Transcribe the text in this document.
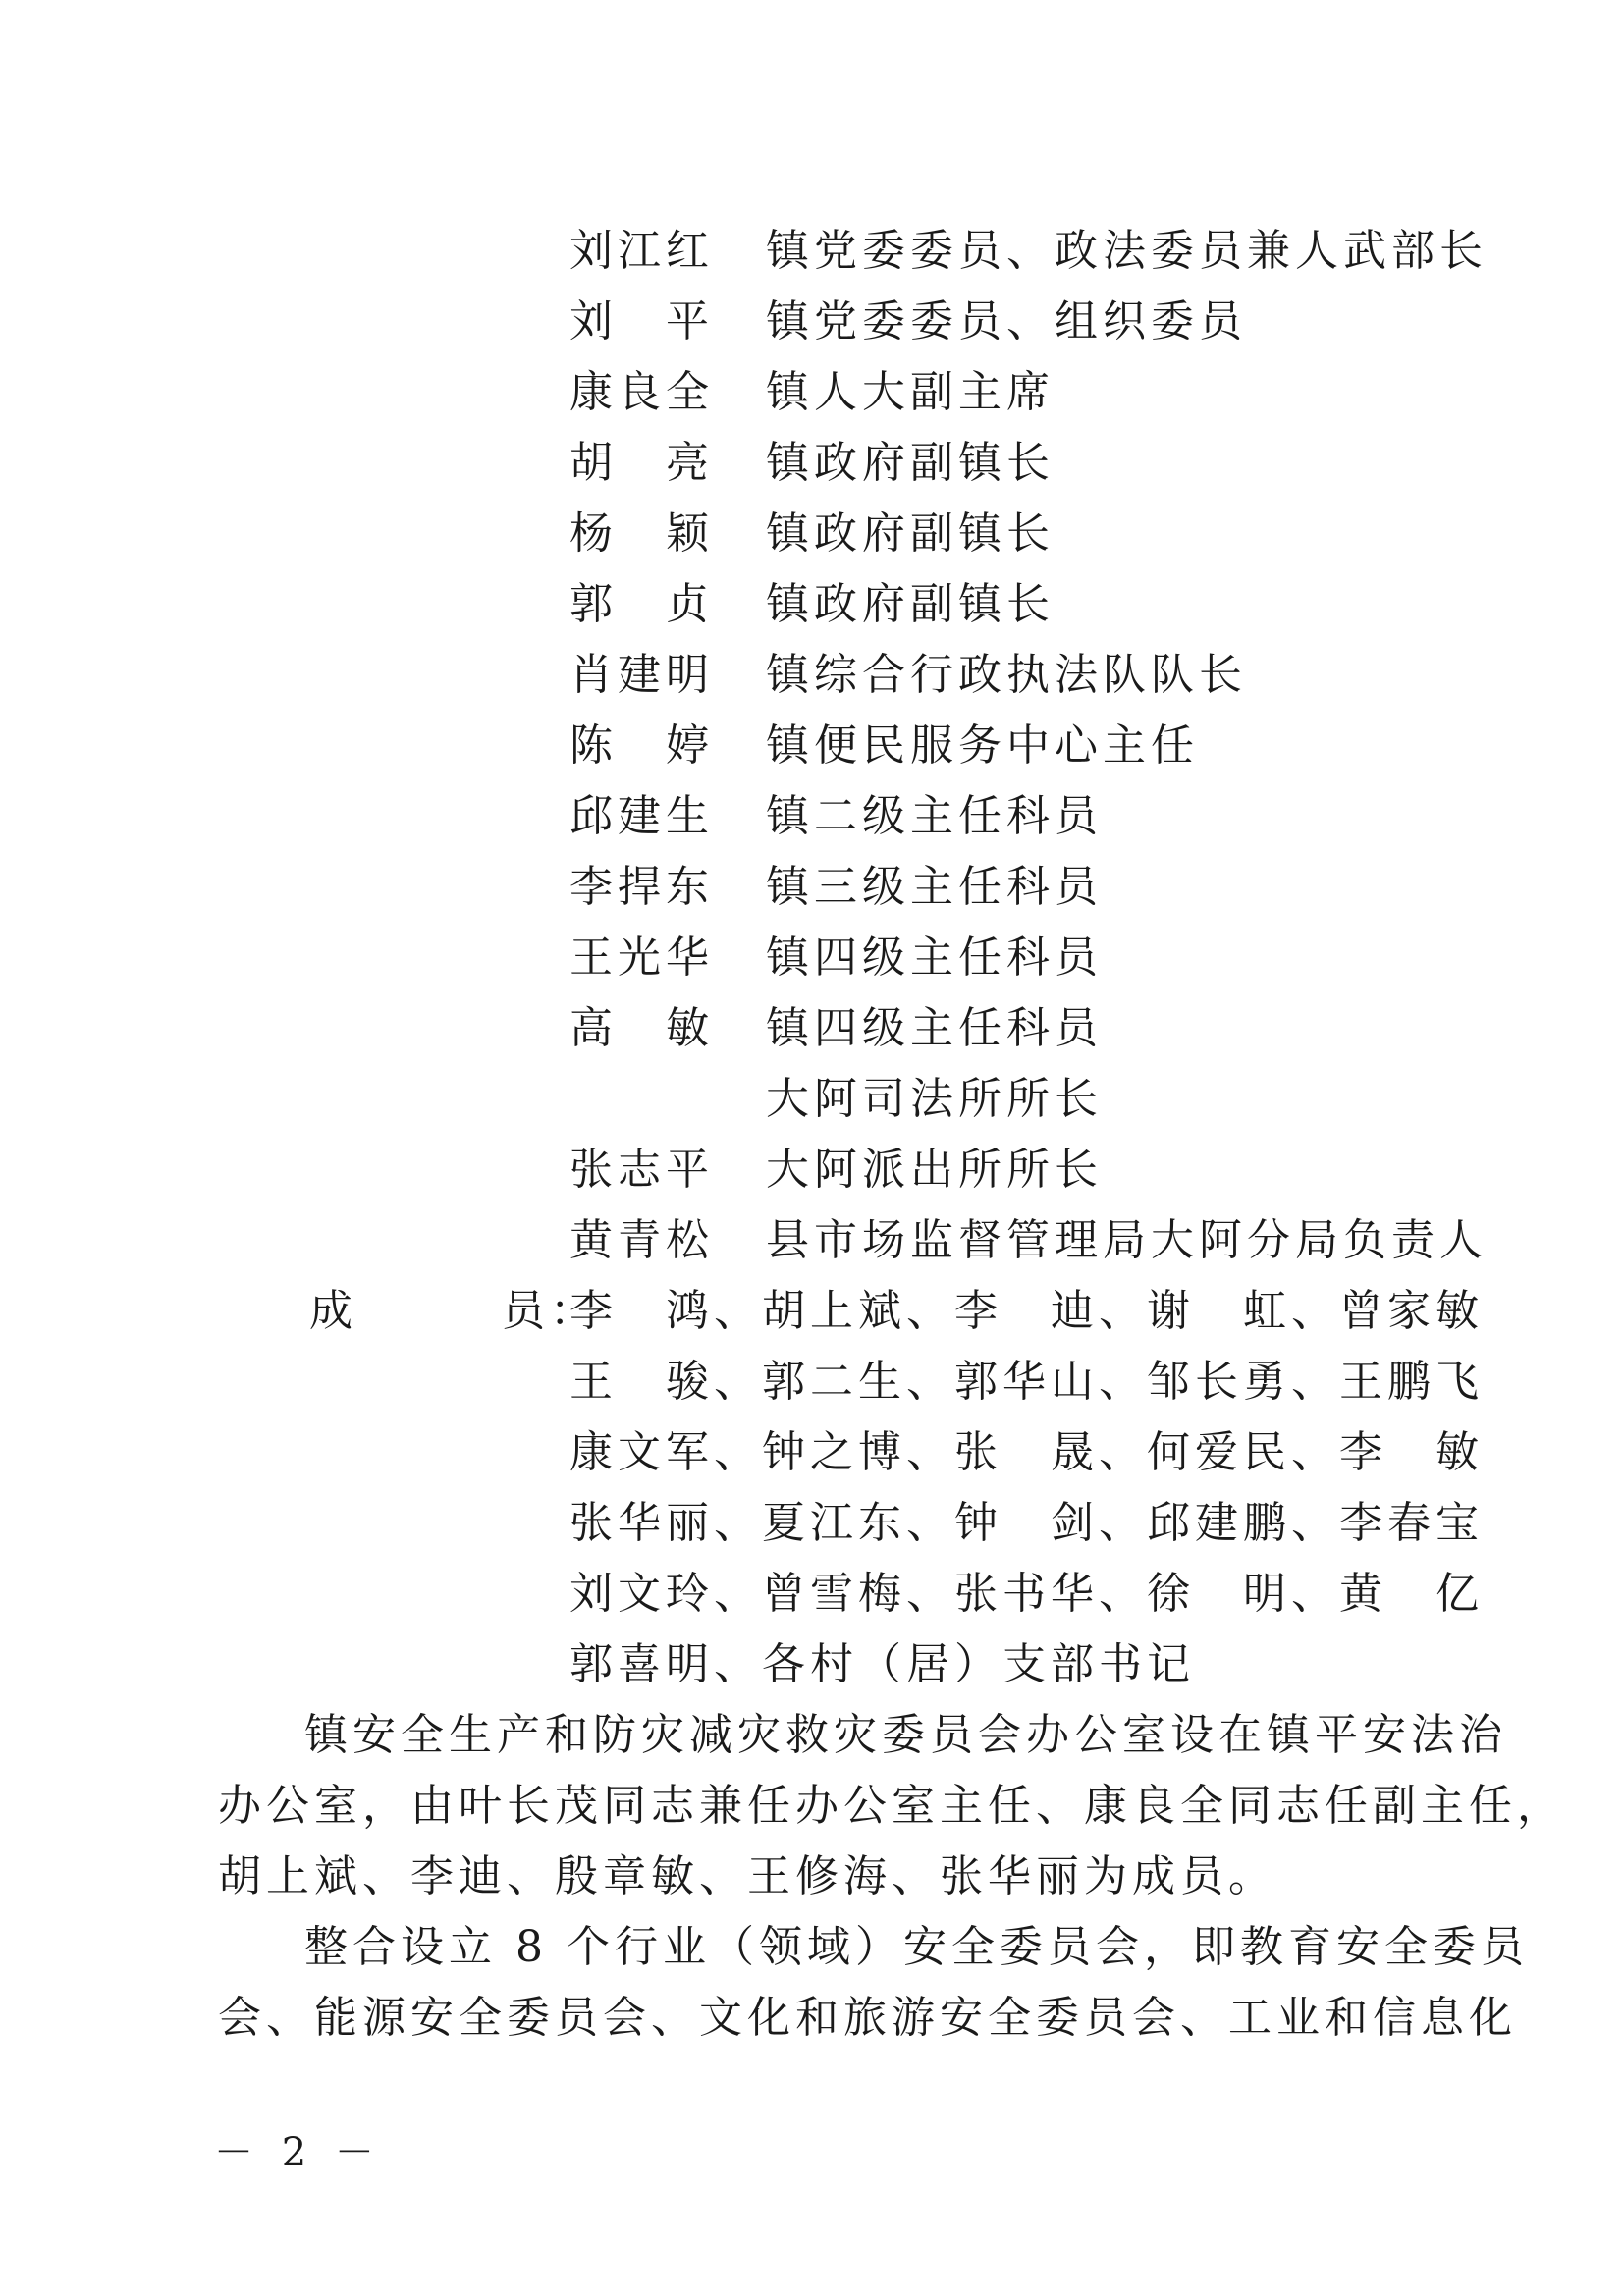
刘江红 镇党委委员、政法委员兼人武部长
刘　平 镇党委委员、组织委员
康良全 镇人大副主席
胡　亮 镇政府副镇长
杨　颖 镇政府副镇长
郭　贞 镇政府副镇长
肖建明 镇综合行政执法队队长
陈　婷 镇便民服务中心主任
邱建生 镇二级主任科员
李捍东 镇三级主任科员
王光华 镇四级主任科员
高　敏 镇四级主任科员
大阿司法所所长
张志平 大阿派出所所长
黄青松 县市场监督管理局大阿分局负责人
成　　　员：
李　鸿、胡上斌、李　迪、谢　虹、曾家敏
王　骏、郭二生、郭华山、邹长勇、王鹏飞
康文军、钟之博、张　晟、何爱民、李　敏
张华丽、夏江东、钟　剑、邱建鹏、李春宝
刘文玲、曾雪梅、张书华、徐　明、黄　亿
郭喜明、各村（居）支部书记
镇安全生产和防灾减灾救灾委员会办公室设在镇平安法治
办公室，由叶长茂同志兼任办公室主任、康良全同志任副主任，
胡上斌、李迪、殷章敏、王修海、张华丽为成员。
整合设立 8 个行业（领域）安全委员会，即教育安全委员
会、能源安全委员会、文化和旅游安全委员会、工业和信息化
－ 2 －
